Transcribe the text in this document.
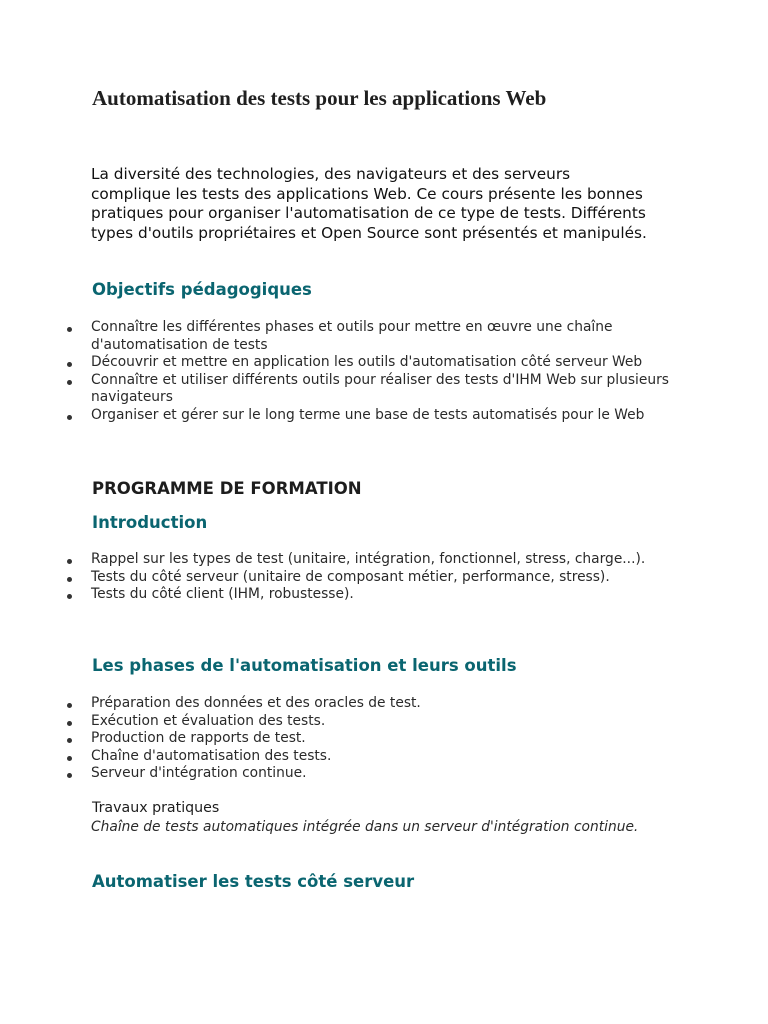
Automatisation des tests pour les applications Web

La diversité des technologies, des navigateurs et des serveurs complique les tests des applications Web. Ce cours présente les bonnes pratiques pour organiser l'automatisation de ce type de tests. Différents types d'outils propriétaires et Open Source sont présentés et manipulés.

Objectifs pédagogiques
Connaître les différentes phases et outils pour mettre en œuvre une chaîne d'automatisation de tests
Découvrir et mettre en application les outils d'automatisation côté serveur Web
Connaître et utiliser différents outils pour réaliser des tests d'IHM Web sur plusieurs navigateurs
Organiser et gérer sur le long terme une base de tests automatisés pour le Web
PROGRAMME DE FORMATION
Introduction
Rappel sur les types de test (unitaire, intégration, fonctionnel, stress, charge...).
Tests du côté serveur (unitaire de composant métier, performance, stress).
Tests du côté client (IHM, robustesse).
Les phases de l'automatisation et leurs outils
Préparation des données et des oracles de test.
Exécution et évaluation des tests.
Production de rapports de test.
Chaîne d'automatisation des tests.
Serveur d'intégration continue.

Travaux pratiques

Chaîne de tests automatiques intégrée dans un serveur d'intégration continue.

Automatiser les tests côté serveur
